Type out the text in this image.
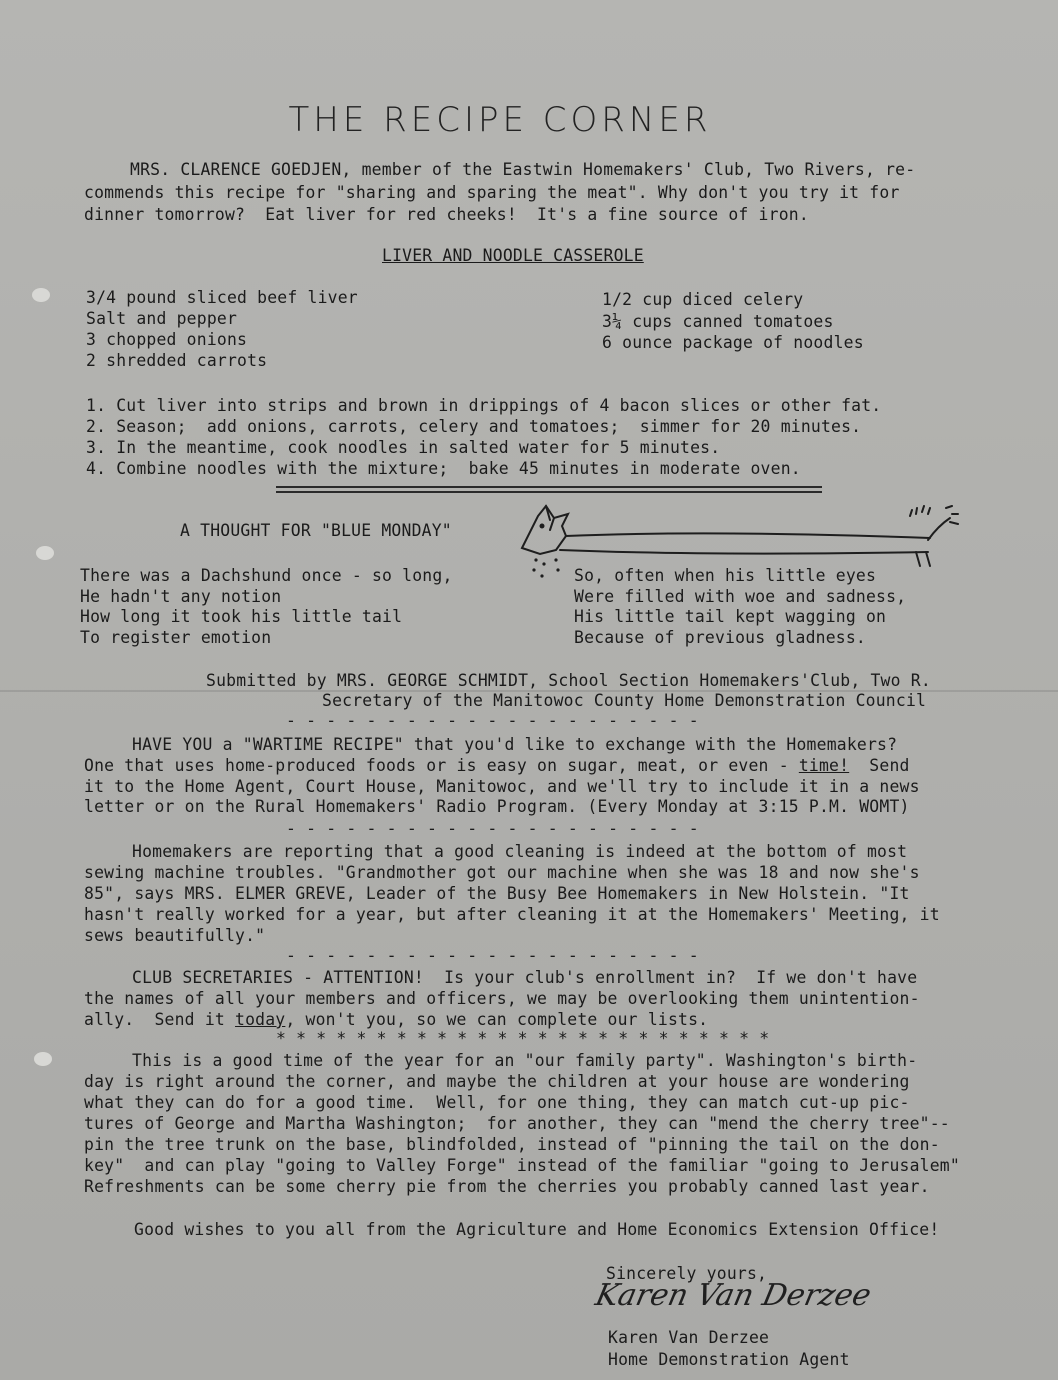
THE RECIPE CORNER
MRS. CLARENCE GOEDJEN, member of the Eastwin Homemakers' Club, Two Rivers, re-
commends this recipe for "sharing and sparing the meat". Why don't you try it for
dinner tomorrow?  Eat liver for red cheeks!  It's a fine source of iron.
LIVER AND NOODLE CASSEROLE
3/4 pound sliced beef liver
Salt and pepper
3 chopped onions
2 shredded carrots
1/2 cup diced celery
3¼ cups canned tomatoes
6 ounce package of noodles
1. Cut liver into strips and brown in drippings of 4 bacon slices or other fat.
2. Season;  add onions, carrots, celery and tomatoes;  simmer for 20 minutes.
3. In the meantime, cook noodles in salted water for 5 minutes.
4. Combine noodles with the mixture;  bake 45 minutes in moderate oven.
A THOUGHT FOR "BLUE MONDAY"
There was a Dachshund once - so long,
He hadn't any notion
How long it took his little tail
To register emotion
So, often when his little eyes
Were filled with woe and sadness,
His little tail kept wagging on
Because of previous gladness.
Submitted by MRS. GEORGE SCHMIDT, School Section Homemakers'Club, Two R.
Secretary of the Manitowoc County Home Demonstration Council
- - - - - - - - - - - - - - - - - - - - -
HAVE YOU a "WARTIME RECIPE" that you'd like to exchange with the Homemakers?
One that uses home-produced foods or is easy on sugar, meat, or even - time!  Send
it to the Home Agent, Court House, Manitowoc, and we'll try to include it in a news
letter or on the Rural Homemakers' Radio Program. (Every Monday at 3:15 P.M. WOMT)
- - - - - - - - - - - - - - - - - - - - -
Homemakers are reporting that a good cleaning is indeed at the bottom of most
sewing machine troubles. "Grandmother got our machine when she was 18 and now she's
85", says MRS. ELMER GREVE, Leader of the Busy Bee Homemakers in New Holstein. "It
hasn't really worked for a year, but after cleaning it at the Homemakers' Meeting, it
sews beautifully."
- - - - - - - - - - - - - - - - - - - - -
CLUB SECRETARIES - ATTENTION!  Is your club's enrollment in?  If we don't have
the names of all your members and officers, we may be overlooking them unintention-
ally.  Send it today, won't you, so we can complete our lists.
* * * * * * * * * * * * * * * * * * * * * * * * *
This is a good time of the year for an "our family party". Washington's birth-
day is right around the corner, and maybe the children at your house are wondering
what they can do for a good time.  Well, for one thing, they can match cut-up pic-
tures of George and Martha Washington;  for another, they can "mend the cherry tree"--
pin the tree trunk on the base, blindfolded, instead of "pinning the tail on the don-
key"  and can play "going to Valley Forge" instead of the familiar "going to Jerusalem"
Refreshments can be some cherry pie from the cherries you probably canned last year.
Good wishes to you all from the Agriculture and Home Economics Extension Office!
Sincerely yours,
Karen Van Derzee
Karen Van Derzee
Home Demonstration Agent
